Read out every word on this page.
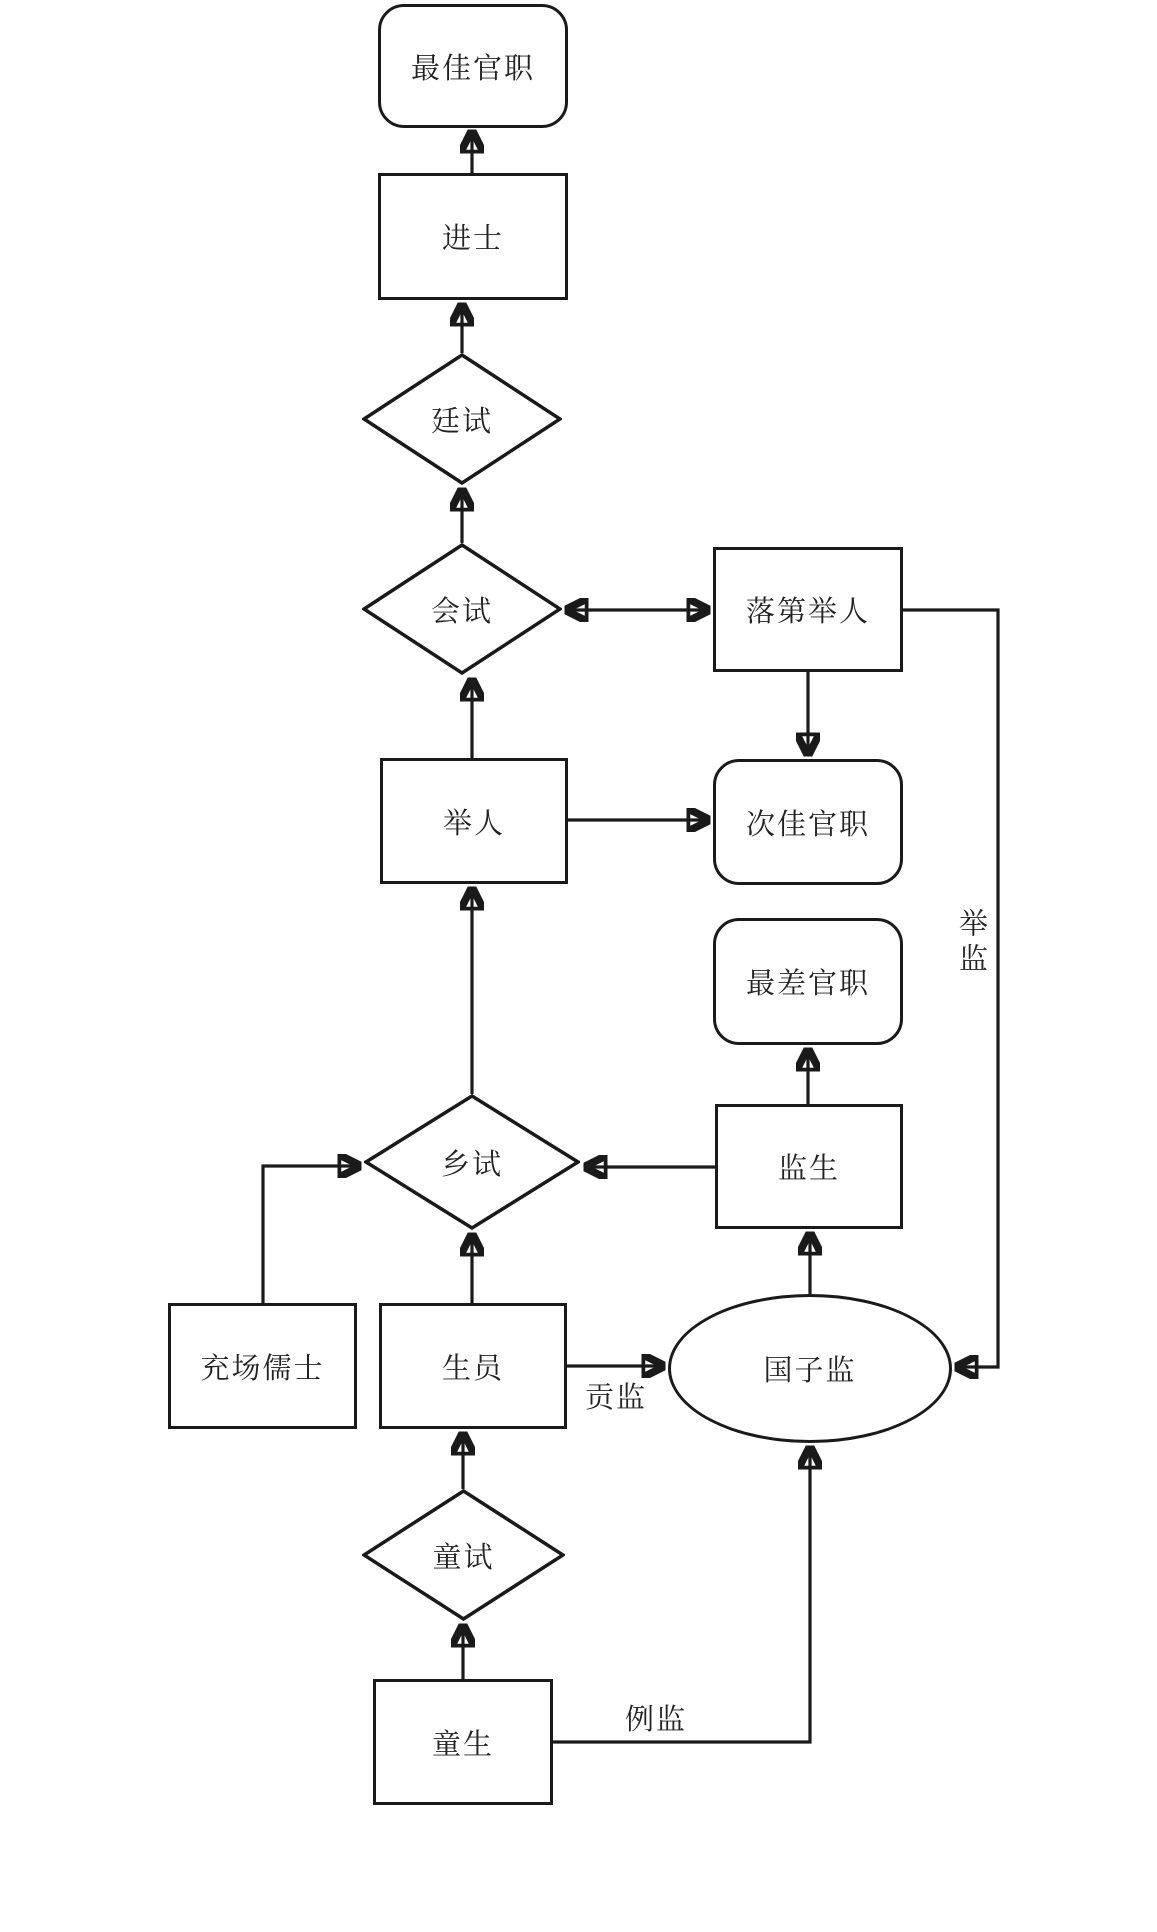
最佳官职
进士
廷试
会试	落第举人
举人	次佳官职
最差官职
监生
乡试
充场儒士	生员	国子监
童试
童生
举监
贡监
例监
